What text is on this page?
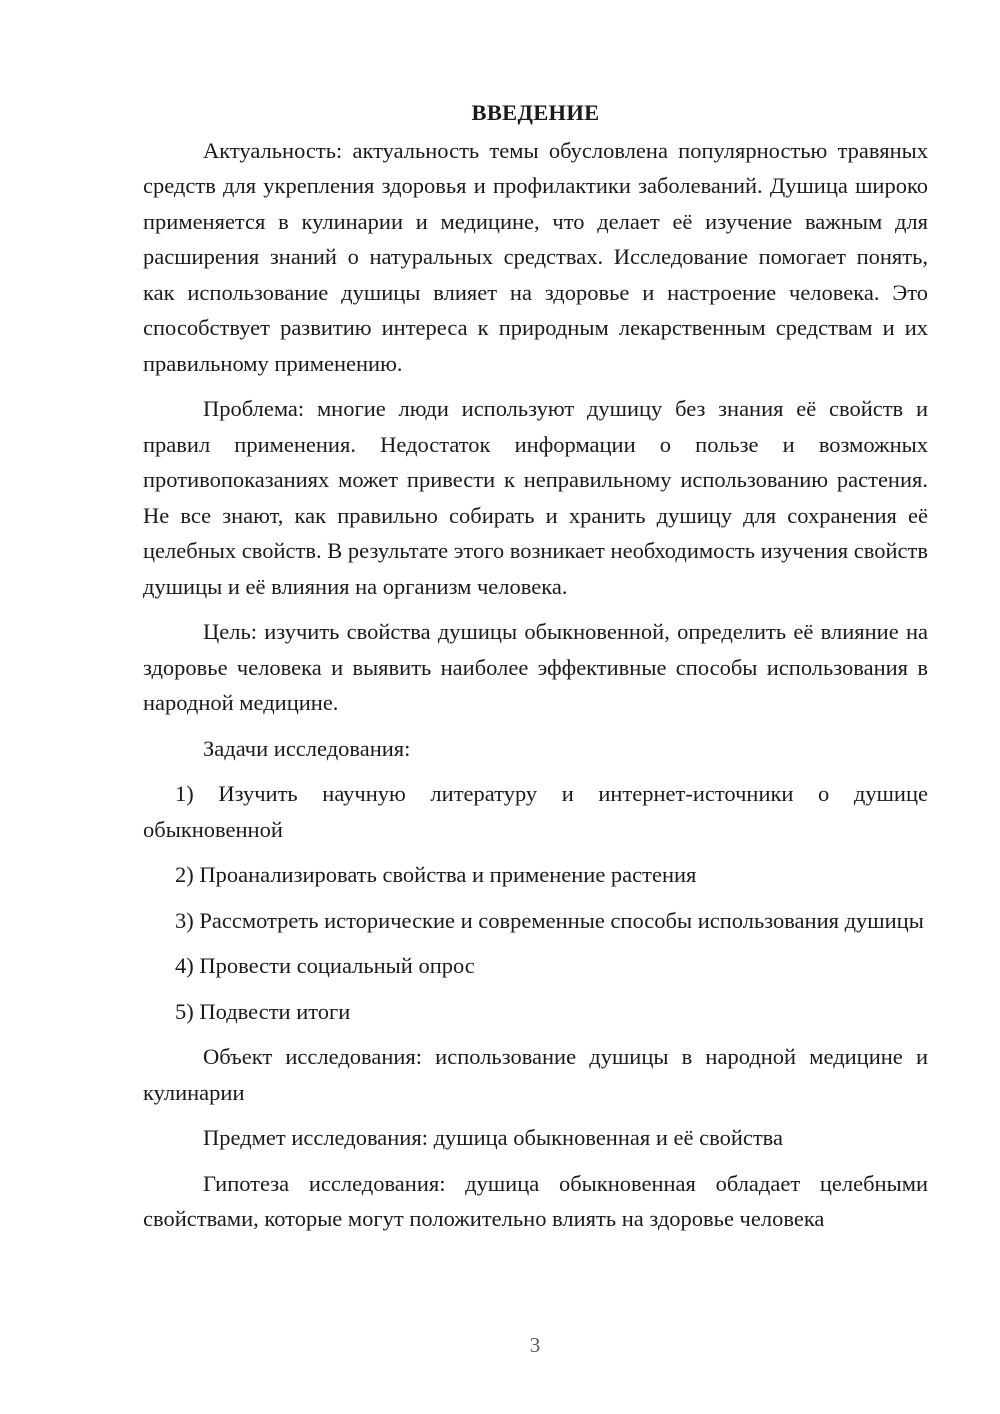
ВВЕДЕНИЕ

Актуальность: актуальность темы обусловлена популярностью травяных средств для укрепления здоровья и профилактики заболеваний. Душица широко применяется в кулинарии и медицине, что делает её изучение важным для расширения знаний о натуральных средствах. Исследование помогает понять, как использование душицы влияет на здоровье и настроение человека. Это способствует развитию интереса к природным лекарственным средствам и их правильному применению.

Проблема: многие люди используют душицу без знания её свойств и правил применения. Недостаток информации о пользе и возможных противопоказаниях может привести к неправильному использованию растения. Не все знают, как правильно собирать и хранить душицу для сохранения её целебных свойств. В результате этого возникает необходимость изучения свойств душицы и её влияния на организм человека.

Цель: изучить свойства душицы обыкновенной, определить её влияние на здоровье человека и выявить наиболее эффективные способы использования в народной медицине.

Задачи исследования:

1) Изучить научную литературу и интернет-источники о душице обыкновенной

2) Проанализировать свойства и применение растения

3) Рассмотреть исторические и современные способы использования душицы

4) Провести социальный опрос

5) Подвести итоги

Объект исследования: использование душицы в народной медицине и кулинарии

Предмет исследования: душица обыкновенная и её свойства

Гипотеза исследования: душица обыкновенная обладает целебными свойствами, которые могут положительно влиять на здоровье человека

3
